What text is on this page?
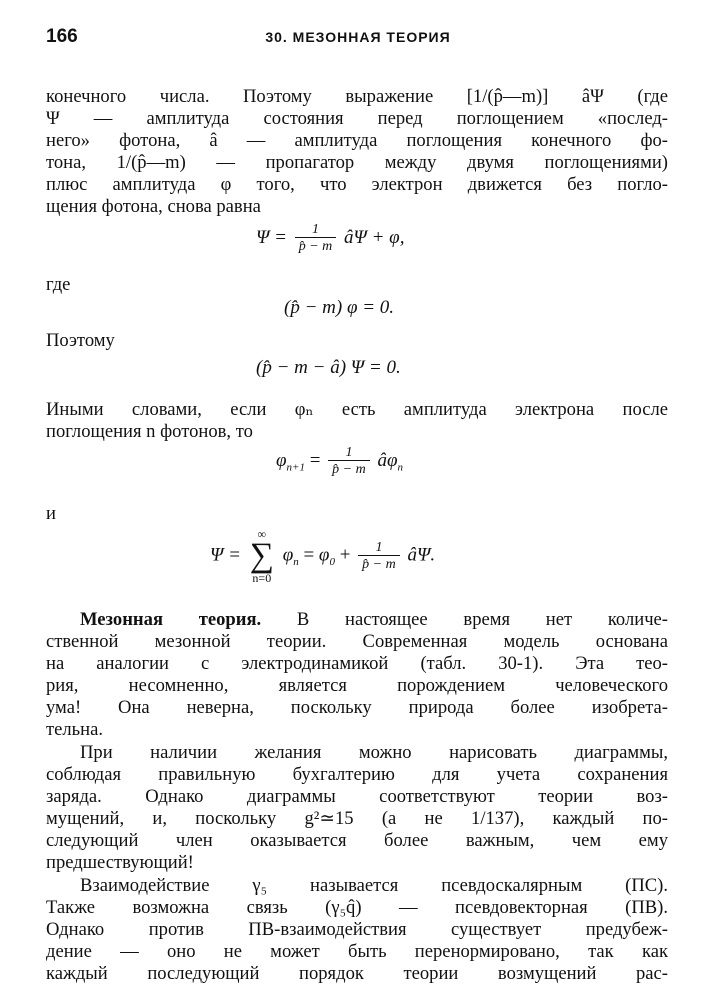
166	30. МЕЗОННАЯ ТЕОРИЯ
конечного числа. Поэтому выражение [1/(p̂—m)] âΨ (где
Ψ — амплитуда состояния перед поглощением «послед-
него» фотона, â — амплитуда поглощения конечного фо-
тона, 1/(p̂—m) — пропагатор между двумя поглощениями)
плюс амплитуда φ того, что электрон движется без погло-
щения фотона, снова равна
$\Psi = \frac{1}{p̂ - m}$ âΨ + φ,
где
(p̂ − m) φ = 0.
Поэтому
(p̂ − m − â) Ψ = 0.
Иными словами, если φₙ есть амплитуда электрона после
поглощения n фотонов, то
$\varphi_{n+1} = \frac{1}{p̂ - m}$ $â\varphi_n$
и
Ψ =
∞
∑
n=0
$\varphi_n = \varphi_0 + \frac{1}{p̂ - m}$ âΨ.
Мезонная теория. В настоящее время нет количе-
ственной мезонной теории. Современная модель основана
на аналогии с электродинамикой (табл. 30-1). Эта тео-
рия, несомненно, является порождением человеческого
ума! Она неверна, поскольку природа более изобрета-
тельна.
При наличии желания можно нарисовать диаграммы,
соблюдая правильную бухгалтерию для учета сохранения
заряда. Однако диаграммы соответствуют теории воз-
мущений, и, поскольку g²≃15 (а не 1/137), каждый по-
следующий член оказывается более важным, чем ему
предшествующий!
Взаимодействие γ₅ называется псевдоскалярным (ПС).
Также возможна связь (γ₅q̂) — псевдовекторная (ПВ).
Однако против ПВ-взаимодействия существует предубеж-
дение — оно не может быть перенормировано, так как
каждый последующий порядок теории возмущений рас-
